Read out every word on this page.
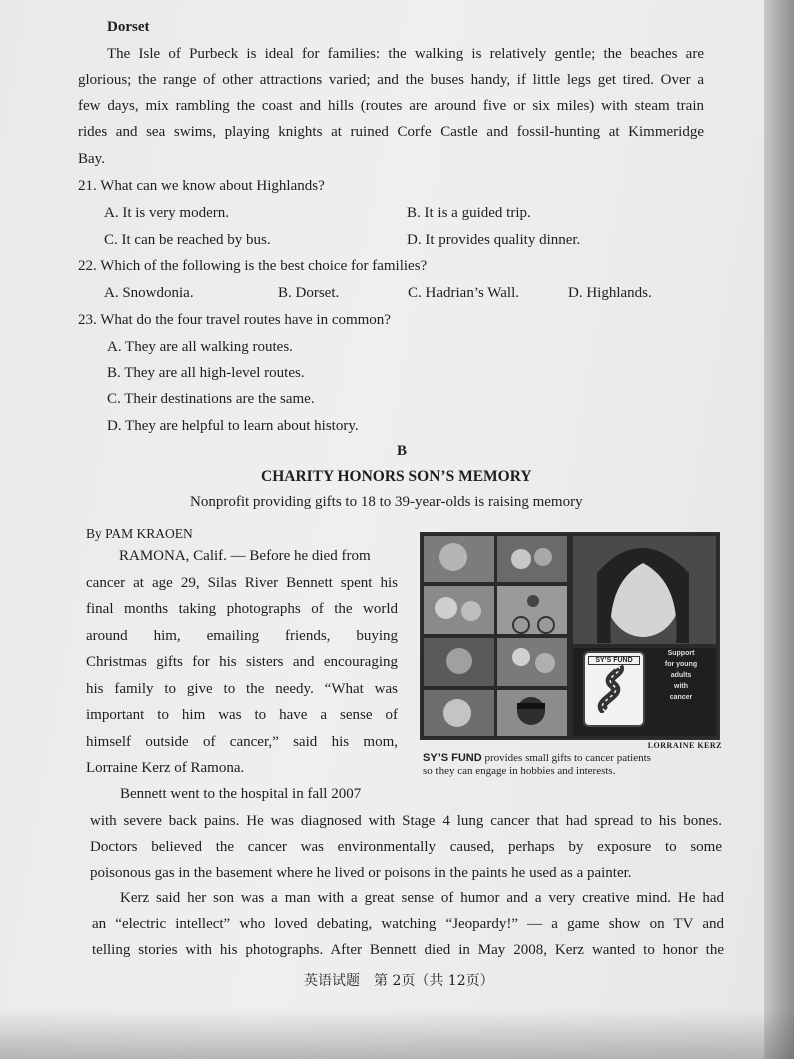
Dorset
The Isle of Purbeck is ideal for families: the walking is relatively gentle; the beaches are
glorious; the range of other attractions varied; and the buses handy, if little legs get tired. Over a
few days, mix rambling the coast and hills (routes are around five or six miles) with steam train
rides and sea swims, playing knights at ruined Corfe Castle and fossil-hunting at Kimmeridge
Bay.
21. What can we know about Highlands?
A. It is very modern.	B. It is a guided trip.
C. It can be reached by bus.	D. It provides quality dinner.
22. Which of the following is the best choice for families?
A. Snowdonia.	B. Dorset.	C. Hadrian’s Wall.	D. Highlands.
23. What do the four travel routes have in common?
A. They are all walking routes.
B. They are all high-level routes.
C. Their destinations are the same.
D. They are helpful to learn about history.
B
CHARITY HONORS SON’S MEMORY
Nonprofit providing gifts to 18 to 39-year-olds is raising memory
By PAM KRAOEN
RAMONA, Calif. — Before he died from
cancer at age 29, Silas River Bennett spent his
final months taking photographs of the world
around him, emailing friends, buying
Christmas gifts for his sisters and encouraging
his family to give to the needy. “What was
important to him was to have a sense of
himself outside of cancer,” said his mom,
Lorraine Kerz of Ramona.
Bennett went to the hospital in fall 2007
SY’S FUND
Support
for young
adults
with
cancer
LORRAINE KERZ
SY’S FUND provides small gifts to cancer patients
so they can engage in hobbies and interests.
with severe back pains. He was diagnosed with Stage 4 lung cancer that had spread to his bones.
Doctors believed the cancer was environmentally caused, perhaps by exposure to some
poisonous gas in the basement where he lived or poisons in the paints he used as a painter.
Kerz said her son was a man with a great sense of humor and a very creative mind. He had
an “electric intellect” who loved debating, watching “Jeopardy!” — a game show on TV and
telling stories with his photographs. After Bennett died in May 2008, Kerz wanted to honor the
英语试题　第 2页（共 12页）
